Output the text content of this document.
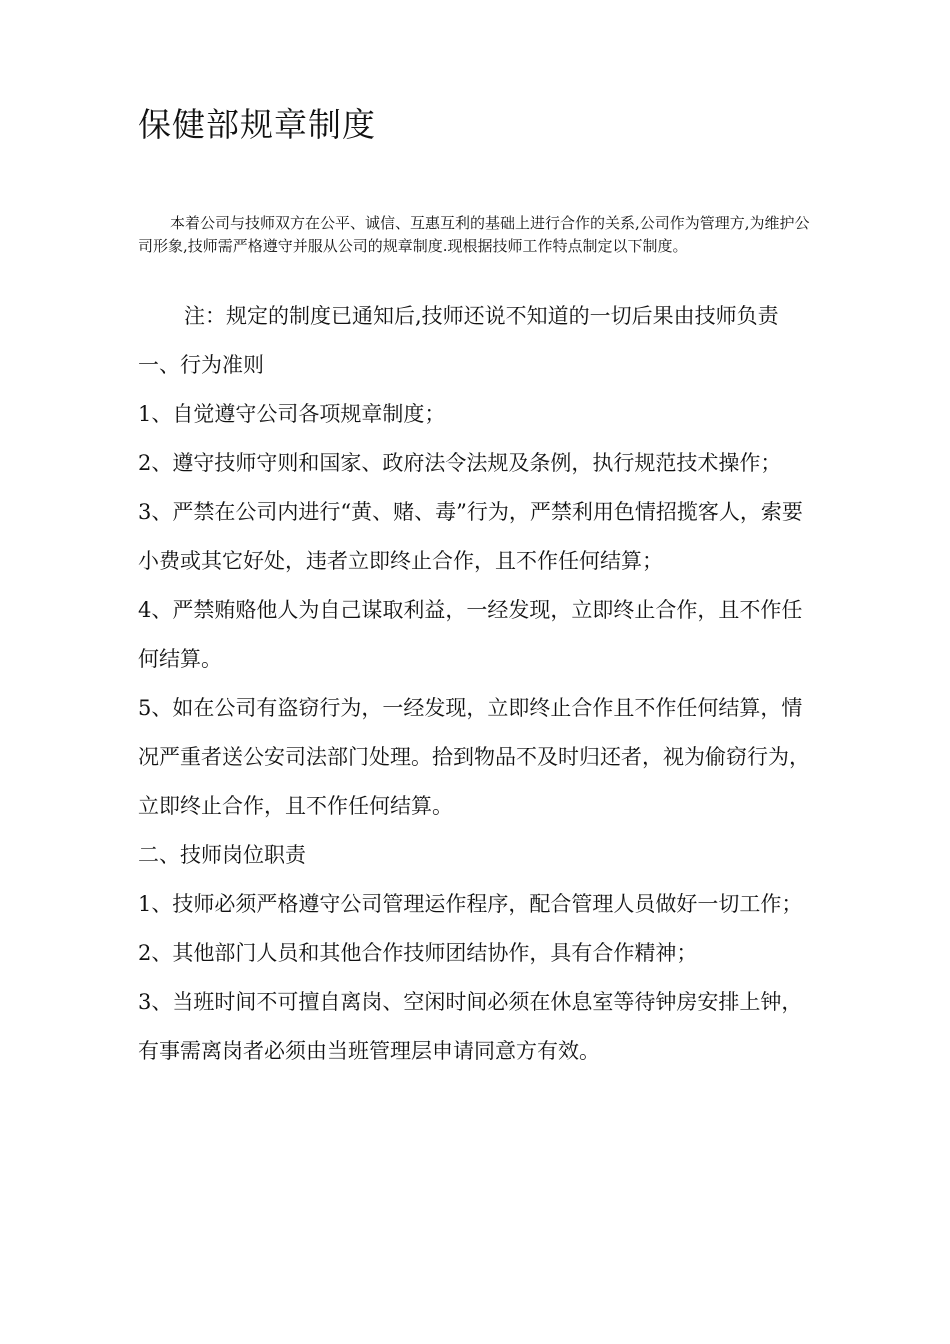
保健部规章制度

本着公司与技师双方在公平、诚信、互惠互利的基础上进行合作的关系,公司作为管理方,为维护公司形象,技师需严格遵守并服从公司的规章制度.现根据技师工作特点制定以下制度。

注：规定的制度已通知后,技师还说不知道的一切后果由技师负责

一、行为准则

1、自觉遵守公司各项规章制度；

2、遵守技师守则和国家、政府法令法规及条例，执行规范技术操作；

3、严禁在公司内进行“黄、赌、毒”行为，严禁利用色情招揽客人，索要小费或其它好处，违者立即终止合作，且不作任何结算；

4、严禁贿赂他人为自己谋取利益，一经发现，立即终止合作，且不作任何结算。

5、如在公司有盗窃行为，一经发现，立即终止合作且不作任何结算，情况严重者送公安司法部门处理。拾到物品不及时归还者，视为偷窃行为，立即终止合作，且不作任何结算。

二、技师岗位职责

1、技师必须严格遵守公司管理运作程序，配合管理人员做好一切工作；

2、其他部门人员和其他合作技师团结协作，具有合作精神；

3、当班时间不可擅自离岗、空闲时间必须在休息室等待钟房安排上钟，有事需离岗者必须由当班管理层申请同意方有效。
